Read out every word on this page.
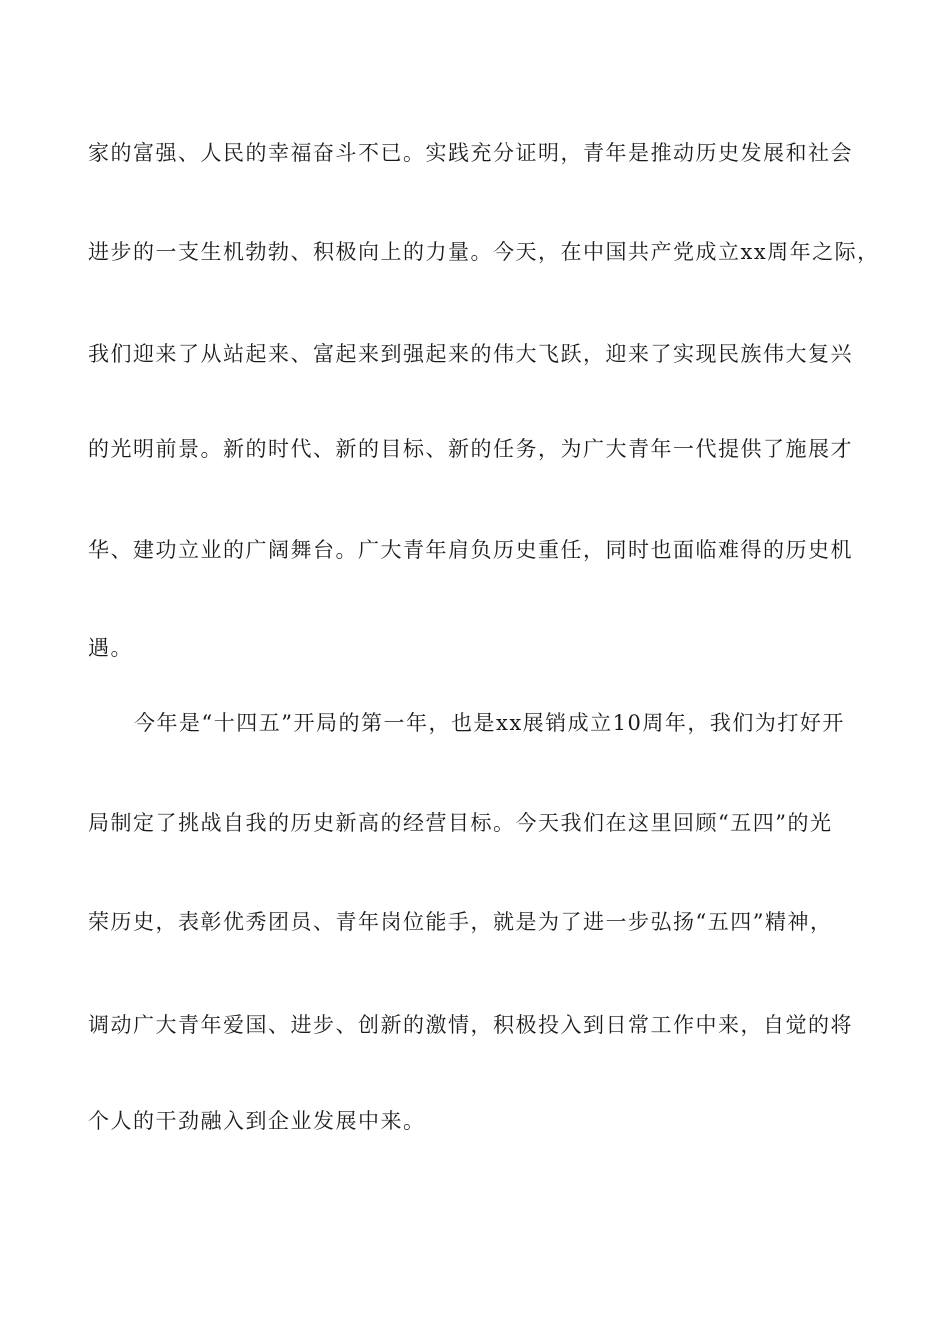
家的富强、人民的幸福奋斗不已。实践充分证明，青年是推动历史发展和社会
进步的一支生机勃勃、积极向上的力量。今天，在中国共产党成立xx周年之际，
我们迎来了从站起来、富起来到强起来的伟大飞跃，迎来了实现民族伟大复兴
的光明前景。新的时代、新的目标、新的任务，为广大青年一代提供了施展才
华、建功立业的广阔舞台。广大青年肩负历史重任，同时也面临难得的历史机
遇。
今年是“十四五”开局的第一年，也是xx展销成立10周年，我们为打好开
局制定了挑战自我的历史新高的经营目标。今天我们在这里回顾“五四”的光
荣历史，表彰优秀团员、青年岗位能手，就是为了进一步弘扬“五四”精神，
调动广大青年爱国、进步、创新的激情，积极投入到日常工作中来，自觉的将
个人的干劲融入到企业发展中来。
